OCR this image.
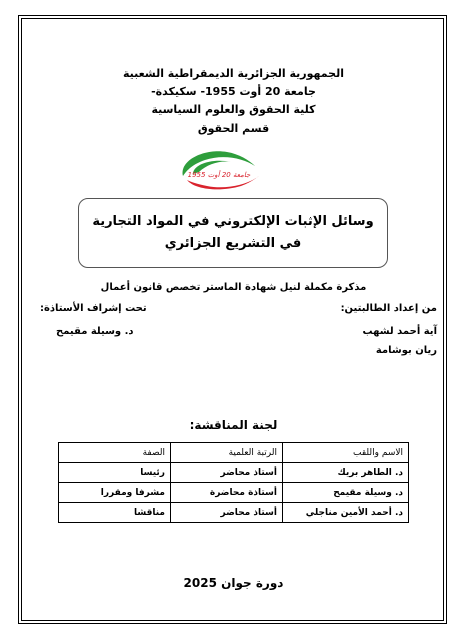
الجمهورية الجزائرية الديمقراطية الشعبية
جامعة 20 أوت 1955- سكيكدة-
كلية الحقوق والعلوم السياسية
قسم الحقوق
جامعة 20 أوت 1955
وسائل الإثبات الإلكتروني في المواد التجارية
في التشريع الجزائري
مذكرة مكملة لنيل شهادة الماستر تخصص قانون أعمال
من إعداد الطالبتين:
آية أحمد لشهب
ريان بوشامة
تحت إشراف الأستاذة:
د. وسيلة مقيمح
لجنة المناقشة:
الاسم واللقب	الرتبة العلمية	الصفة
د. الطاهر بريك	أستاذ محاضر	رئيسا
د. وسيلة مقيمح	أستاذة محاضرة	مشرفا ومقررا
د. أحمد الأمين مناجلي	أستاذ محاضر	مناقشا
دورة جوان 2025
